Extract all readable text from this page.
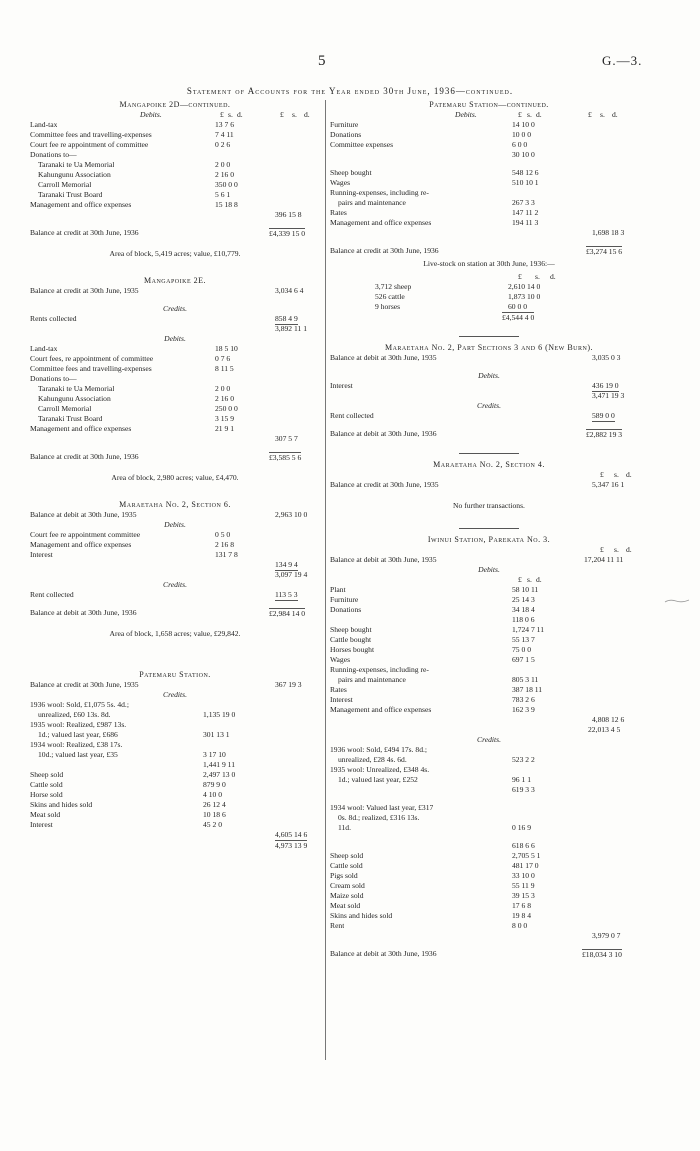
5	G.—3.
Statement of Accounts for the Year ended 30th June, 1936—continued.
Mangapoike 2D—continued.
Debits.	£ s. d.	£ s. d.
Land-tax	13 7 6
Committee fees and travelling-expenses	7 4 11
Court fee re appointment of committee	0 2 6
Donations to—
Taranaki te Ua Memorial	2 0 0
Kahungunu Association	2 16 0
Carroll Memorial	350 0 0
Taranaki Trust Board	5 6 1
Management and office expenses	15 18 8
396 15 8
Balance at credit at 30th June, 1936	£4,339 15 0
Area of block, 5,419 acres; value, £10,779.
Mangapoike 2E.
Balance at credit at 30th June, 1935	3,034 6 4
Credits.
Rents collected	858 4 9
3,892 11 1
Debits.
Land-tax	18 5 10
Court fees, re appointment of committee	0 7 6
Committee fees and travelling-expenses	8 11 5
Donations to—
Taranaki te Ua Memorial	2 0 0
Kahungunu Association	2 16 0
Carroll Memorial	250 0 0
Taranaki Trust Board	3 15 9
Management and office expenses	21 9 1
307 5 7
Balance at credit at 30th June, 1936	£3,585 5 6
Area of block, 2,980 acres; value, £4,470.
Maraetaha No. 2, Section 6.
Balance at debit at 30th June, 1935	2,963 10 0
Debits.
Court fee re appointment committee	0 5 0
Management and office expenses	2 16 8
Interest	131 7 8
134 9 4
3,097 19 4
Credits.
Rent collected	113 5 3
Balance at debit at 30th June, 1936	£2,984 14 0
Area of block, 1,658 acres; value, £29,842.
Patemaru Station.
Balance at credit at 30th June, 1935	367 19 3
Credits.
1936 wool: Sold, £1,075 5s. 4d.;
unrealized, £60 13s. 8d.	1,135 19 0
1935 wool: Realized, £987 13s.
1d.; valued last year, £686	301 13 1
1934 wool: Realized, £38 17s.
10d.; valued last year, £35	3 17 10
1,441 9 11
Sheep sold	2,497 13 0
Cattle sold	879 9 0
Horse sold	4 10 0
Skins and hides sold	26 12 4
Meat sold	10 18 6
Interest	45 2 0
4,605 14 6
4,973 13 9
Patemaru Station—continued.
Debits.	£ s. d.	£ s. d.
Furniture	14 10 0
Donations	10 0 0
Committee expenses	6 0 0
30 10 0
Sheep bought	548 12 6
Wages	510 10 1
Running-expenses, including re-
pairs and maintenance	267 3 3
Rates	147 11 2
Management and office expenses	194 11 3
1,698 18 3
Balance at credit at 30th June, 1936	£3,274 15 6
Live-stock on station at 30th June, 1936:—
£ s. d.
3,712 sheep	2,610 14 0
526 cattle	1,873 10 0
9 horses	60 0 0
£4,544 4 0
Maraetaha No. 2, Part Sections 3 and 6 (New Burn).
Balance at debit at 30th June, 1935	3,035 0 3
Debits.
Interest	436 19 0
3,471 19 3
Credits.
Rent collected	589 0 0
Balance at debit at 30th June, 1936	£2,882 19 3
Maraetaha No. 2, Section 4.
£ s. d.
Balance at credit at 30th June, 1935	5,347 16 1
No further transactions.
Iwinui Station, Parekata No. 3.
£ s. d.
Balance at debit at 30th June, 1935	17,204 11 11
Debits.
£ s. d.
Plant	58 10 11
Furniture	25 14 3
Donations	34 18 4
118 0 6
Sheep bought	1,724 7 11
Cattle bought	55 13 7
Horses bought	75 0 0
Wages	697 1 5
Running-expenses, including re-
pairs and maintenance	805 3 11
Rates	387 18 11
Interest	783 2 6
Management and office expenses	162 3 9
4,808 12 6
22,013 4 5
Credits.
1936 wool: Sold, £494 17s. 8d.;
unrealized, £28 4s. 6d.	523 2 2
1935 wool: Unrealized, £348 4s.
1d.; valued last year, £252	96 1 1
619 3 3
1934 wool: Valued last year, £317
0s. 8d.; realized, £316 13s.
11d.	0 16 9
618 6 6
Sheep sold	2,705 5 1
Cattle sold	481 17 0
Pigs sold	33 10 0
Cream sold	55 11 9
Maize sold	39 15 3
Meat sold	17 6 8
Skins and hides sold	19 8 4
Rent	8 0 0
3,979 0 7
Balance at debit at 30th June, 1936	£18,034 3 10
